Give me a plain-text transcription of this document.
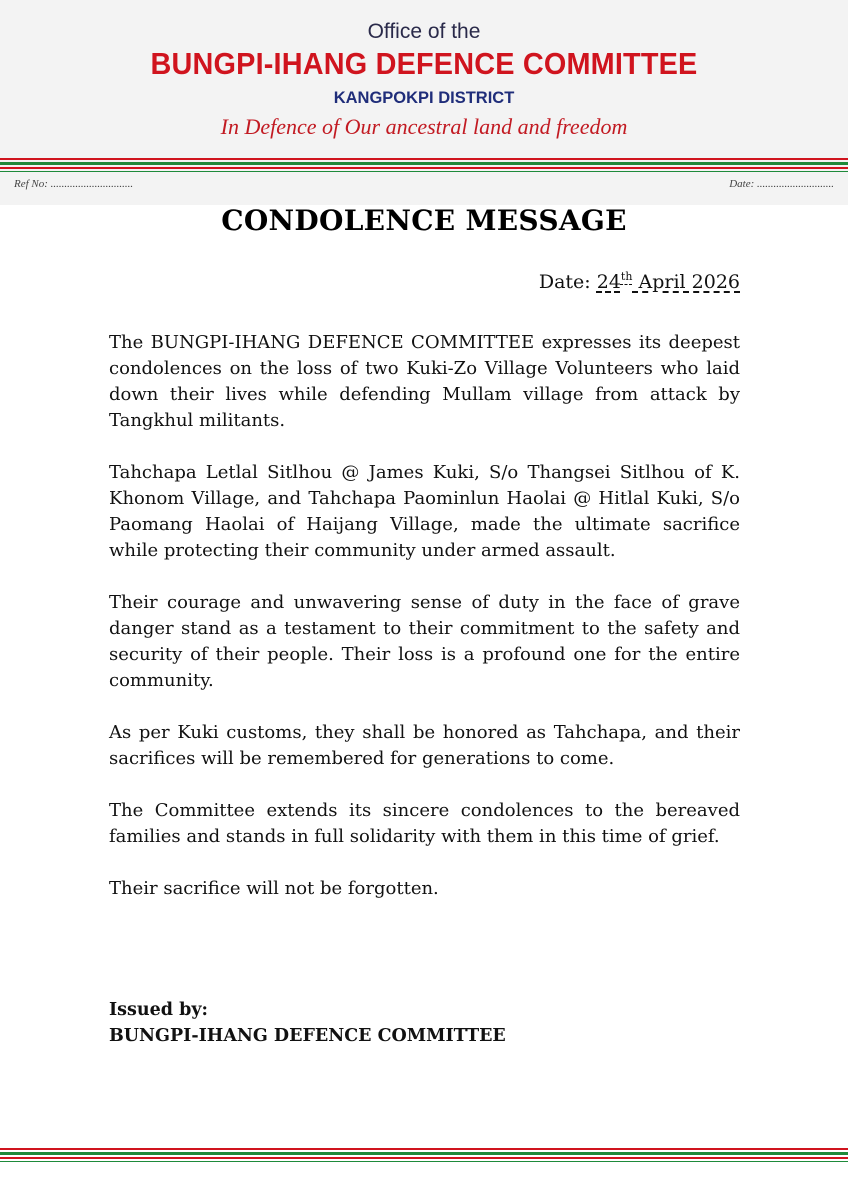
Office of the
BUNGPI-IHANG DEFENCE COMMITTEE
KANGPOKPI DISTRICT
In Defence of Our ancestral land and freedom
Ref No: ..............................	Date: ............................
CONDOLENCE MESSAGE
Date: 24th April 2026

The BUNGPI-IHANG DEFENCE COMMITTEE expresses its deepest condolences on the loss of two Kuki-Zo Village Volunteers who laid down their lives while defending Mullam village from attack by Tangkhul militants.

Tahchapa Letlal Sitlhou @ James Kuki, S/o Thangsei Sitlhou of K. Khonom Village, and Tahchapa Paominlun Haolai @ Hitlal Kuki, S/o Paomang Haolai of Haijang Village, made the ultimate sacrifice while protecting their community under armed assault.

Their courage and unwavering sense of duty in the face of grave danger stand as a testament to their commitment to the safety and security of their people. Their loss is a profound one for the entire community.

As per Kuki customs, they shall be honored as Tahchapa, and their sacrifices will be remembered for generations to come.

The Committee extends its sincere condolences to the bereaved families and stands in full solidarity with them in this time of grief.

Their sacrifice will not be forgotten.

Issued by:
BUNGPI-IHANG DEFENCE COMMITTEE
